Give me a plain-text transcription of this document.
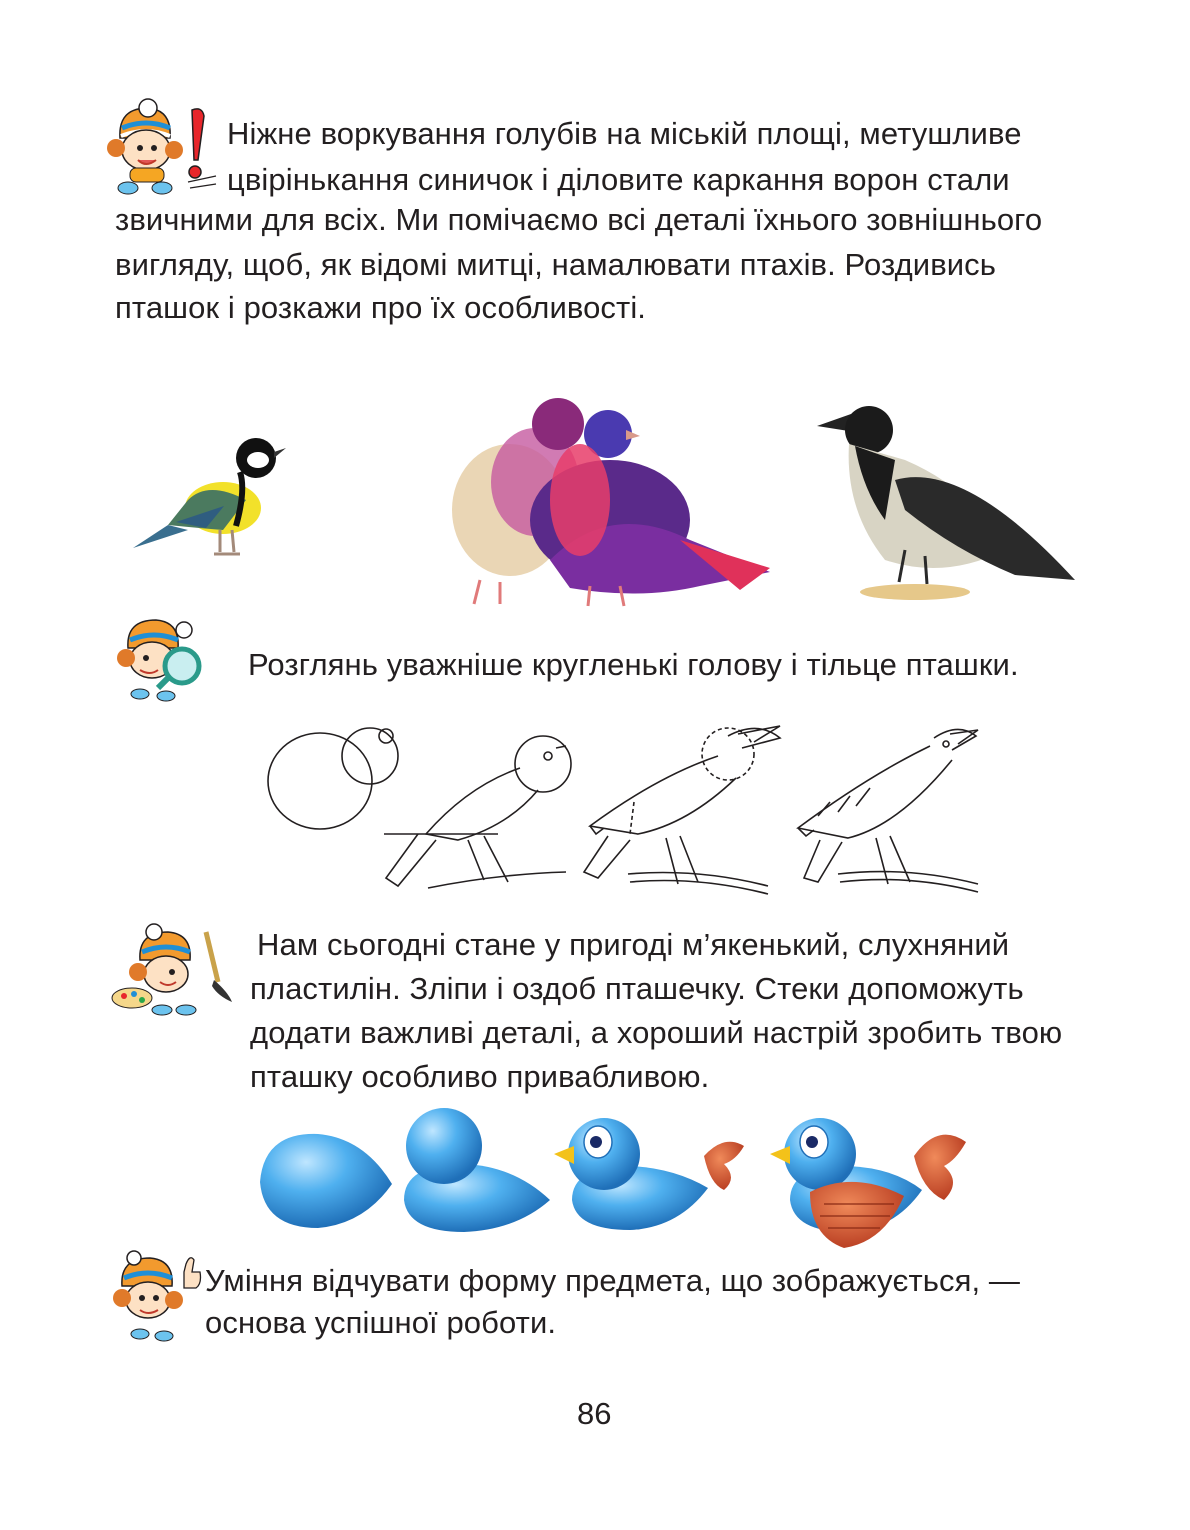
Ніжне воркування голубів на міській площі, метушливе
цвірінькання синичок і діловите каркання ворон стали
звичними для всіх. Ми помічаємо всі деталі їхнього зовнішнього
вигляду, щоб, як відомі митці, намалювати птахів. Роздивись
пташок і розкажи про їх особливості.
Розглянь уважніше кругленькі голову і тільце пташки.
Нам сьогодні стане у пригоді м’якенький, слухняний
пластилін. Зліпи і оздоб пташечку. Стеки допоможуть
додати важливі деталі, а хороший настрій зробить твою
пташку особливо привабливою.
Уміння відчувати форму предмета, що зображується, —
основа успішної роботи.
86
